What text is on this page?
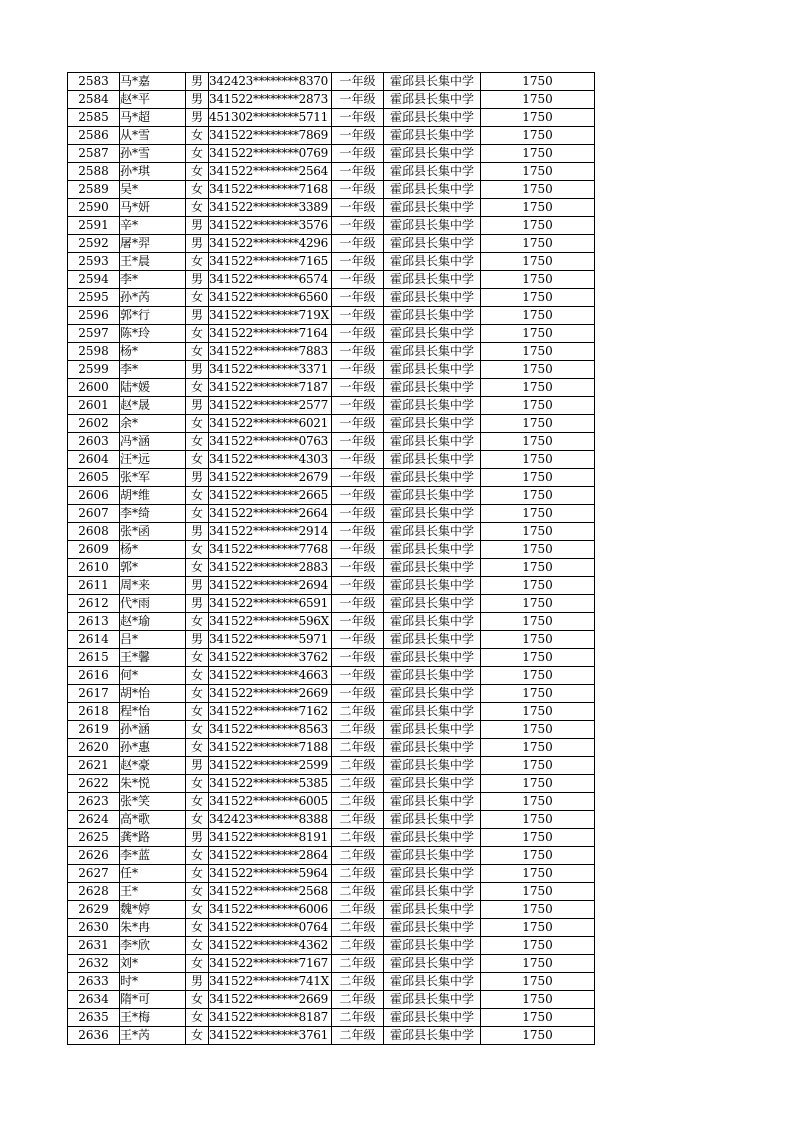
2583	马*嘉	男	342423********8370	一年级	霍邱县长集中学	1750
2584	赵*平	男	341522********2873	一年级	霍邱县长集中学	1750
2585	马*超	男	451302********5711	一年级	霍邱县长集中学	1750
2586	从*雪	女	341522********7869	一年级	霍邱县长集中学	1750
2587	孙*雪	女	341522********0769	一年级	霍邱县长集中学	1750
2588	孙*琪	女	341522********2564	一年级	霍邱县长集中学	1750
2589	吴*	女	341522********7168	一年级	霍邱县长集中学	1750
2590	马*妍	女	341522********3389	一年级	霍邱县长集中学	1750
2591	辛*	男	341522********3576	一年级	霍邱县长集中学	1750
2592	屠*羿	男	341522********4296	一年级	霍邱县长集中学	1750
2593	王*晨	女	341522********7165	一年级	霍邱县长集中学	1750
2594	李*	男	341522********6574	一年级	霍邱县长集中学	1750
2595	孙*芮	女	341522********6560	一年级	霍邱县长集中学	1750
2596	郭*行	男	341522********719X	一年级	霍邱县长集中学	1750
2597	陈*玲	女	341522********7164	一年级	霍邱县长集中学	1750
2598	杨*	女	341522********7883	一年级	霍邱县长集中学	1750
2599	李*	男	341522********3371	一年级	霍邱县长集中学	1750
2600	陆*媛	女	341522********7187	一年级	霍邱县长集中学	1750
2601	赵*晟	男	341522********2577	一年级	霍邱县长集中学	1750
2602	余*	女	341522********6021	一年级	霍邱县长集中学	1750
2603	冯*涵	女	341522********0763	一年级	霍邱县长集中学	1750
2604	汪*远	女	341522********4303	一年级	霍邱县长集中学	1750
2605	张*军	男	341522********2679	一年级	霍邱县长集中学	1750
2606	胡*维	女	341522********2665	一年级	霍邱县长集中学	1750
2607	李*绮	女	341522********2664	一年级	霍邱县长集中学	1750
2608	张*函	男	341522********2914	一年级	霍邱县长集中学	1750
2609	杨*	女	341522********7768	一年级	霍邱县长集中学	1750
2610	郭*	女	341522********2883	一年级	霍邱县长集中学	1750
2611	周*来	男	341522********2694	一年级	霍邱县长集中学	1750
2612	代*雨	男	341522********6591	一年级	霍邱县长集中学	1750
2613	赵*瑜	女	341522********596X	一年级	霍邱县长集中学	1750
2614	吕*	男	341522********5971	一年级	霍邱县长集中学	1750
2615	王*馨	女	341522********3762	一年级	霍邱县长集中学	1750
2616	何*	女	341522********4663	一年级	霍邱县长集中学	1750
2617	胡*怡	女	341522********2669	一年级	霍邱县长集中学	1750
2618	程*怡	女	341522********7162	二年级	霍邱县长集中学	1750
2619	孙*涵	女	341522********8563	二年级	霍邱县长集中学	1750
2620	孙*惠	女	341522********7188	二年级	霍邱县长集中学	1750
2621	赵*豪	男	341522********2599	二年级	霍邱县长集中学	1750
2622	朱*悦	女	341522********5385	二年级	霍邱县长集中学	1750
2623	张*笑	女	341522********6005	二年级	霍邱县长集中学	1750
2624	高*歌	女	342423********8388	二年级	霍邱县长集中学	1750
2625	龚*路	男	341522********8191	二年级	霍邱县长集中学	1750
2626	李*蓝	女	341522********2864	二年级	霍邱县长集中学	1750
2627	任*	女	341522********5964	二年级	霍邱县长集中学	1750
2628	王*	女	341522********2568	二年级	霍邱县长集中学	1750
2629	魏*婷	女	341522********6006	二年级	霍邱县长集中学	1750
2630	朱*冉	女	341522********0764	二年级	霍邱县长集中学	1750
2631	李*欣	女	341522********4362	二年级	霍邱县长集中学	1750
2632	刘*	女	341522********7167	二年级	霍邱县长集中学	1750
2633	时*	男	341522********741X	二年级	霍邱县长集中学	1750
2634	隋*可	女	341522********2669	二年级	霍邱县长集中学	1750
2635	王*梅	女	341522********8187	二年级	霍邱县长集中学	1750
2636	王*芮	女	341522********3761	二年级	霍邱县长集中学	1750
